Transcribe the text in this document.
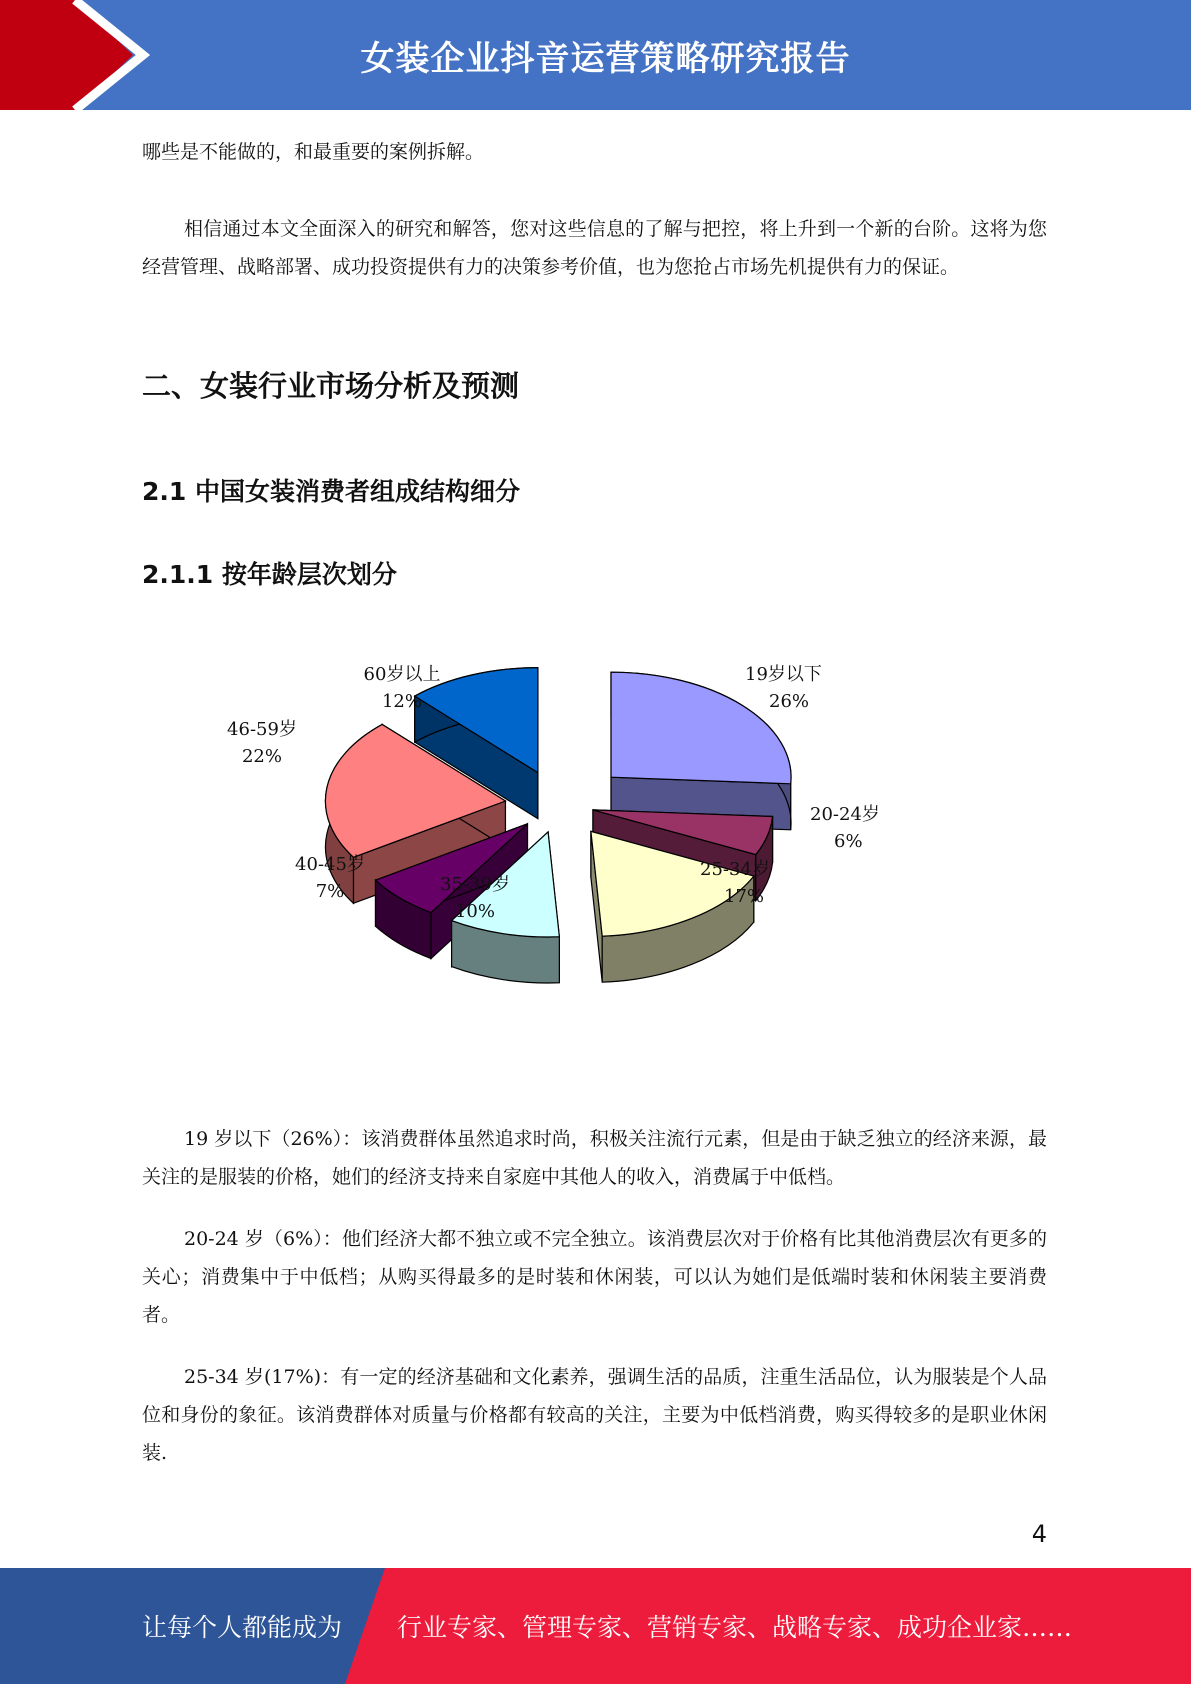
女装企业抖音运营策略研究报告

哪些是不能做的，和最重要的案例拆解。

相信通过本文全面深入的研究和解答，您对这些信息的了解与把控，将上升到一个新的台阶。这将为您经营管理、战略部署、成功投资提供有力的决策参考价值，也为您抢占市场先机提供有力的保证。

二、女装行业市场分析及预测
2.1 中国女装消费者组成结构细分
2.1.1 按年龄层次划分
19岁以下
26%
20-24岁
6%
25-34岁
17%
35-39岁
10%
40-45岁
7%
46-59岁
22%
60岁以上
12%

19 岁以下（26%）：该消费群体虽然追求时尚，积极关注流行元素，但是由于缺乏独立的经济来源，最关注的是服装的价格，她们的经济支持来自家庭中其他人的收入，消费属于中低档。

20-24 岁（6%）：他们经济大都不独立或不完全独立。该消费层次对于价格有比其他消费层次有更多的关心；消费集中于中低档；从购买得最多的是时装和休闲装，可以认为她们是低端时装和休闲装主要消费者。

25-34 岁(17%)：有一定的经济基础和文化素养，强调生活的品质，注重生活品位，认为服装是个人品位和身份的象征。该消费群体对质量与价格都有较高的关注，主要为中低档消费，购买得较多的是职业休闲装.

4
让每个人都能成为 行业专家、管理专家、营销专家、战略专家、成功企业家……
